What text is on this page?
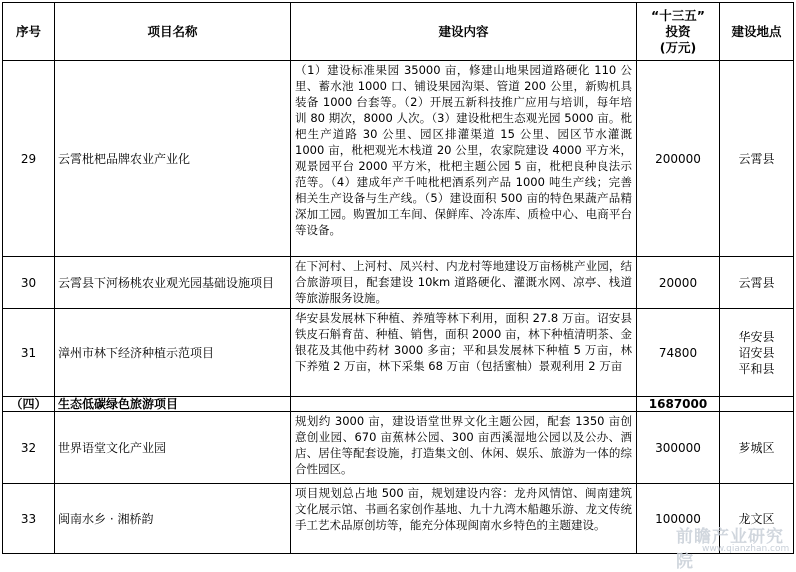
序号	项目名称	建设内容	“十三五”
投资
(万元)	建设地点
29	云霄枇杷品牌农业产业化	（1）建设标准果园 35000 亩，修建山地果园道路硬化 110 公里、蓄水池 1000 口、铺设果园沟渠、管道 200 公里，新购机具装备 1000 台套等。（2）开展五新科技推广应用与培训，每年培训 80 期次，8000 人次。（3）建设枇杷生态观光园 5000 亩。枇杷生产道路 30 公里、园区排灌渠道 15 公里、园区节水灌溉 1000 亩，枇杷观光木栈道 20 公里，农家院建设 4000 平方米，观景园平台 2000 平方米，枇杷主题公园 5 亩，枇杷良种良法示范等。（4）建成年产千吨枇杷酒系列产品 1000 吨生产线；完善相关生产设备与生产线。（5）建设面积 500 亩的特色果蔬产品精深加工园。购置加工车间、保鲜库、冷冻库、质检中心、电商平台等设备。	200000	云霄县
30	云霄县下河杨桃农业观光园基础设施项目	在下河村、上河村、凤兴村、内龙村等地建设万亩杨桃产业园，结合旅游项目，配套建设 10km 道路硬化、灌溉水网、凉亭、栈道等旅游服务设施。	20000	云霄县
31	漳州市林下经济种植示范项目	华安县发展林下种植、养殖等林下利用，面积 27.8 万亩。诏安县铁皮石斛育苗、种植、销售，面积 2000 亩，林下种植清明茶、金银花及其他中药材 3000 多亩；平和县发展林下种植 5 万亩，林下养殖 2 万亩，林下采集 68 万亩（包括蜜柚）景观利用 2 万亩	74800	华安县
诏安县
平和县

（四）	生态低碳绿色旅游项目		1687000	
32	世界语堂文化产业园	规划约 3000 亩，建设语堂世界文化主题公园，配套 1350 亩创意创业园、670 亩蕉林公园、300 亩西溪湿地公园以及公办、酒店、居住等配套设施，打造集文创、休闲、娱乐、旅游为一体的综合性园区。	300000	芗城区
33	闽南水乡 · 湘桥韵	项目规划总占地 500 亩，规划建设内容：龙舟风情馆、闽南建筑文化展示馆、书画名家创作基地、九十九湾木船趣乐游、龙文传统手工艺术品原创坊等，能充分体现闽南水乡特色的主题建设。	100000	龙文区
前瞻产业研究院
www.qianzhan.com
